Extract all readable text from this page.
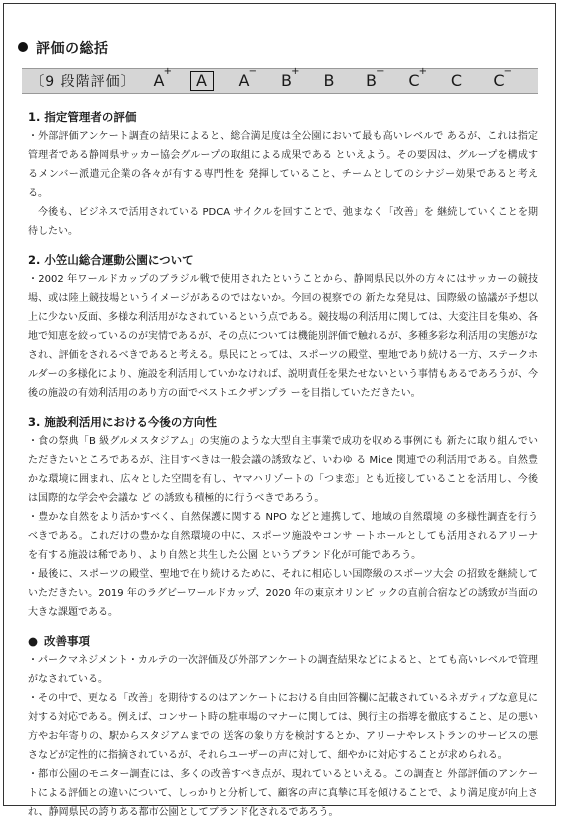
評価の総括
〔9 段階評価〕	A +	A	A −	B +	B	B −	C +	C	C −
1. 指定管理者の評価

・外部評価アンケート調査の結果によると、総合満足度は全公園において最も高いレベルで あるが、これは指定管理者である静岡県サッカー協会グループの取組による成果である といえよう。その要因は、グループを構成するメンバー派遣元企業の各々が有する専門性を 発揮していること、チームとしてのシナジー効果であると考える。

今後も、ビジネスで活用されている PDCA サイクルを回すことで、弛まなく「改善」を 継続していくことを期待したい。

2. 小笠山総合運動公園について

・2002 年ワールドカップのブラジル戦で使用されたということから、静岡県民以外の方々にはサッカーの競技場、或は陸上競技場というイメージがあるのではないか。今回の視察での 新たな発見は、国際級の協議が予想以上に少ない反面、多様な利活用がなされているという点である。競技場の利活用に関しては、大変注目を集め、各地で知恵を絞っているのが実情であるが、その点については機能別評価で触れるが、多種多彩な利活用の実態がなされ、評価をされるべきであると考える。県民にとっては、スポーツの殿堂、聖地であり続ける一方、ステークホルダーの多様化により、施設を利活用していかなければ、説明責任を果たせないという事情もあるであろうが、今後の施設の有効利活用のあり方の面でベストエクザンプラ ーを目指していただきたい。

3. 施設利活用における今後の方向性

・食の祭典「B 級グルメスタジアム」の実施のような大型自主事業で成功を収める事例にも 新たに取り組んでいただきたいところであるが、注目すべきは一般会議の誘致など、いわゆ る Mice 関連での利活用である。自然豊かな環境に囲まれ、広々とした空間を有し、ヤマハリゾートの「つま恋」とも近接していることを活用し、今後は国際的な学会や会議な ど の誘致も積極的に行うべきであろう。

・豊かな自然をより活かすべく、自然保護に関する NPO などと連携して、地域の自然環境 の多様性調査を行うべきである。これだけの豊かな自然環境の中に、スポーツ施設やコンサ ートホールとしても活用されるアリーナを有する施設は稀であり、より自然と共生した公園 というブランド化が可能であろう。

・最後に、スポーツの殿堂、聖地で在り続けるために、それに相応しい国際級のスポーツ大会 の招致を継続していただきたい。2019 年のラグビーワールドカップ、2020 年の東京オリンピ ックの直前合宿などの誘致が当面の大きな課題である。

● 改善事項

・パークマネジメント・カルテの一次評価及び外部アンケートの調査結果などによると、とても高いレベルで管理がなされている。

・その中で、更なる「改善」を期待するのはアンケートにおける自由回答欄に記載されているネガティブな意見に対する対応である。例えば、コンサート時の駐車場のマナーに関しては、興行主の指導を徹底すること、足の悪い方やお年寄りの、駅からスタジアムまでの 送客の象り方を検討するとか、アリーナやレストランのサービスの悪さなどが定性的に指摘されているが、それらユーザーの声に対して、細やかに対応することが求められる。

・都市公園のモニター調査には、多くの改善すべき点が、現れているといえる。この調査と 外部評価のアンケートによる評価との違いについて、しっかりと分析して、顧客の声に真摯に耳を傾けることで、より満足度が向上され、静岡県民の誇りある都市公園としてブランド化されるであろう。
